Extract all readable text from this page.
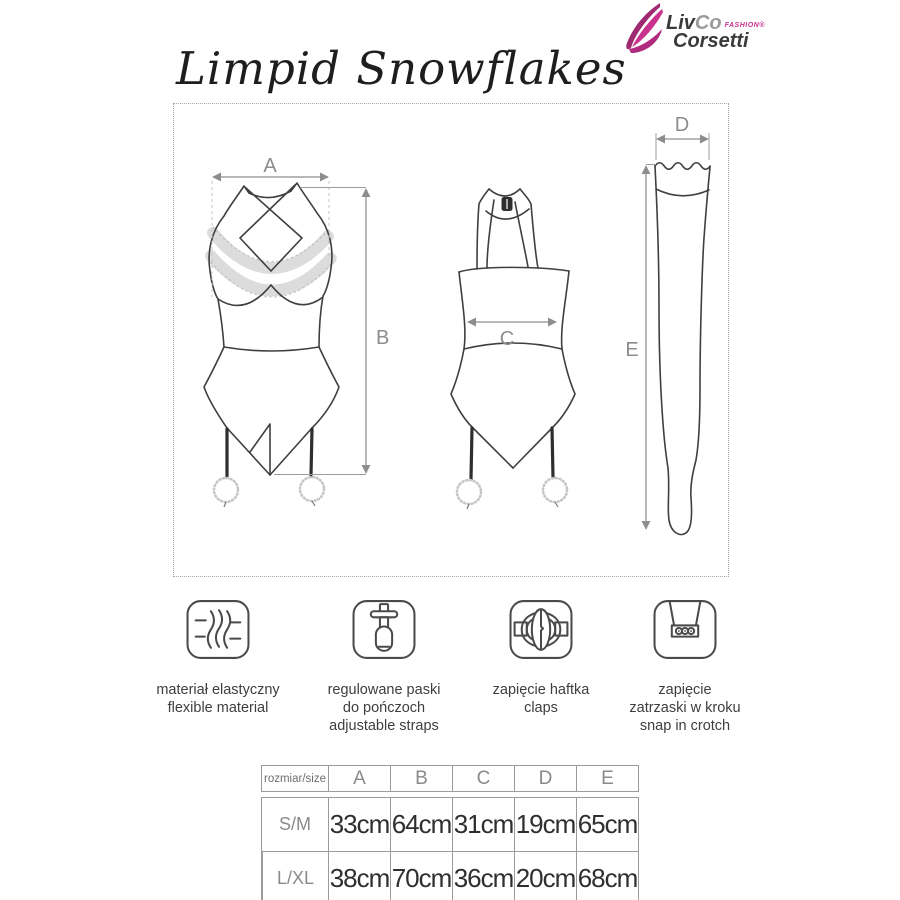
LivCo FASHION®
Corsetti
Limpid Snowflakes
A
B	C
D
E
materiał elastyczny
flexible material
regulowane paski
do pończoch
adjustable straps
zapięcie haftka
claps
zapięcie
zatrzaski w kroku
snap in crotch
rozmiar/size	A	B	C	D	E
S/M 33cm 64cm 31cm 19cm 65cm
L/XL 38cm 70cm 36cm 20cm 68cm
